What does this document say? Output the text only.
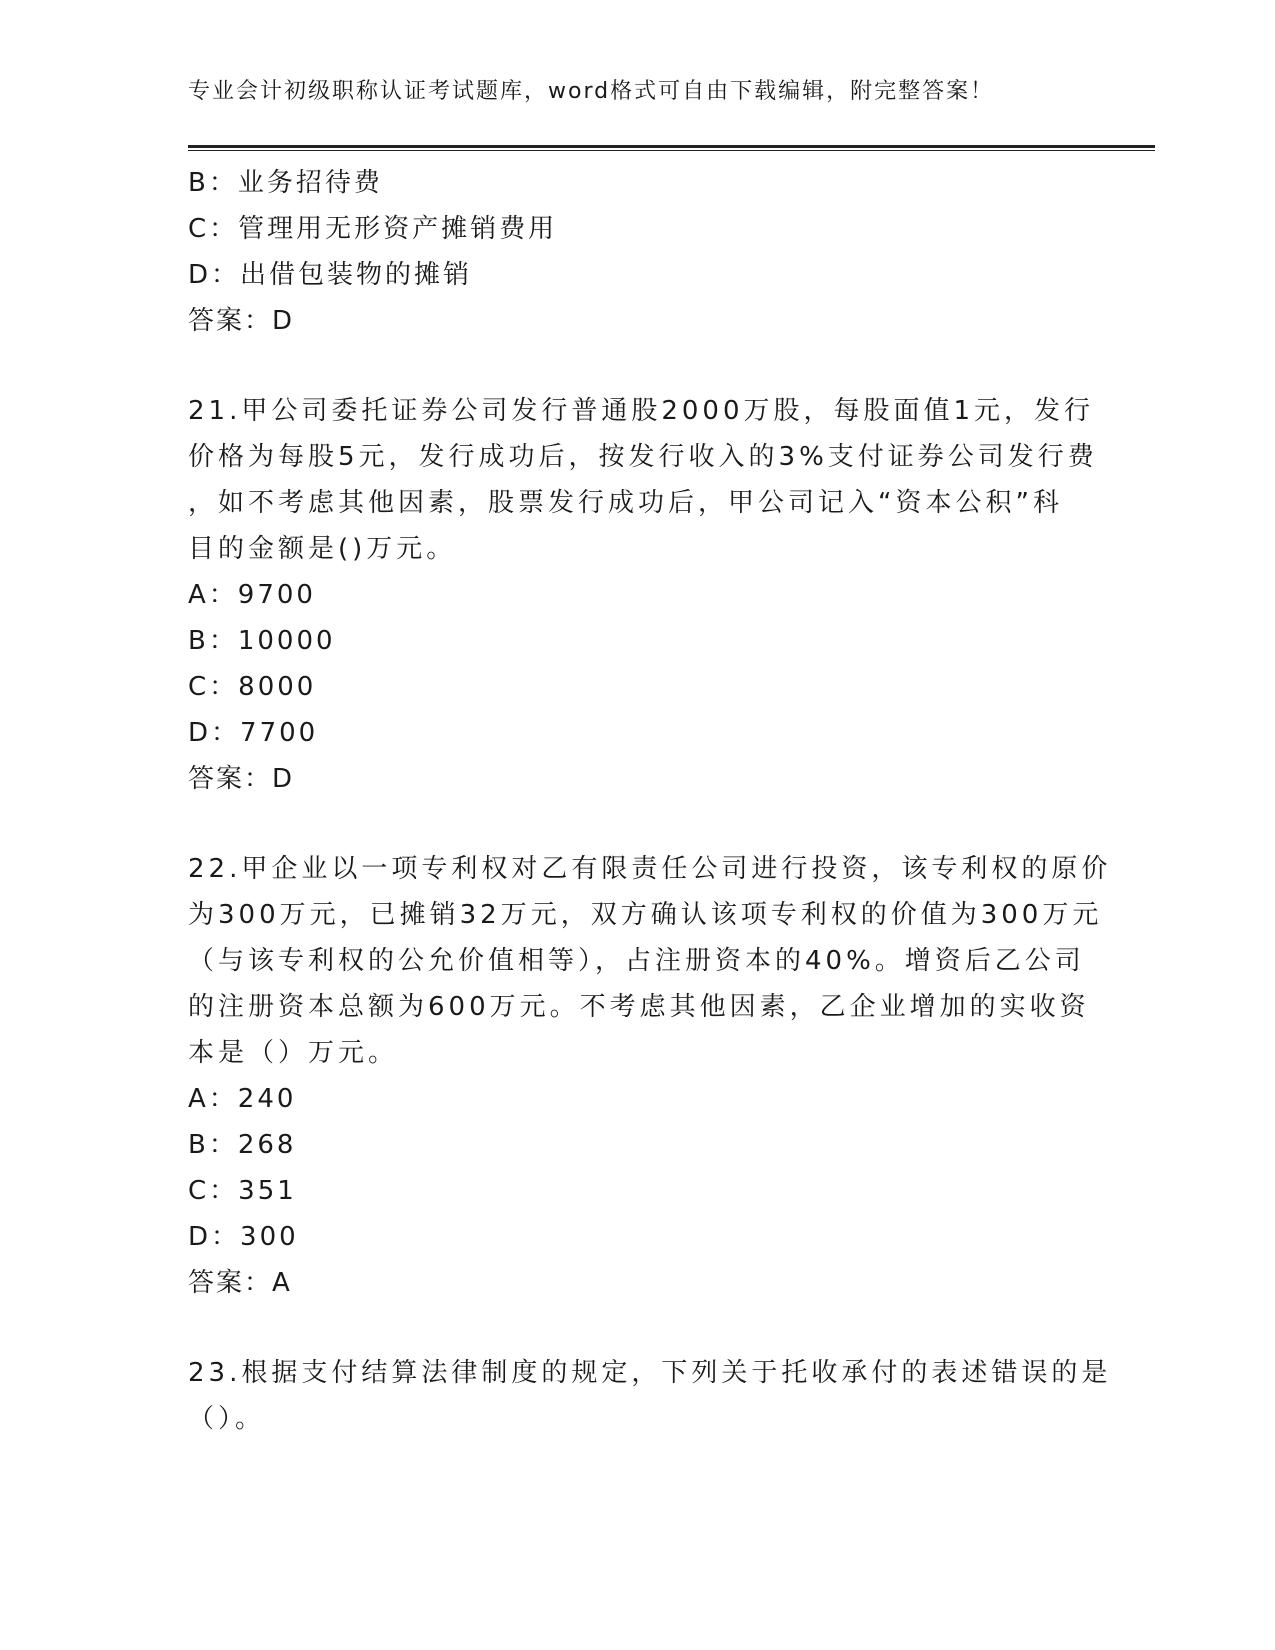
专业会计初级职称认证考试题库，word格式可自由下载编辑，附完整答案！
B：业务招待费
C：管理用无形资产摊销费用
D：出借包装物的摊销
答案：D
21.甲公司委托证券公司发行普通股2000万股，每股面值1元，发行
价格为每股5元，发行成功后，按发行收入的3%支付证券公司发行费
，如不考虑其他因素，股票发行成功后，甲公司记入“资本公积”科
目的金额是()万元。
A：9700
B：10000
C：8000
D：7700
答案：D
22.甲企业以一项专利权对乙有限责任公司进行投资，该专利权的原价
为300万元，已摊销32万元，双方确认该项专利权的价值为300万元
（与该专利权的公允价值相等），占注册资本的40%。增资后乙公司
的注册资本总额为600万元。不考虑其他因素，乙企业增加的实收资
本是（）万元。
A：240
B：268
C：351
D：300
答案：A
23.根据支付结算法律制度的规定，下列关于托收承付的表述错误的是
（）。
